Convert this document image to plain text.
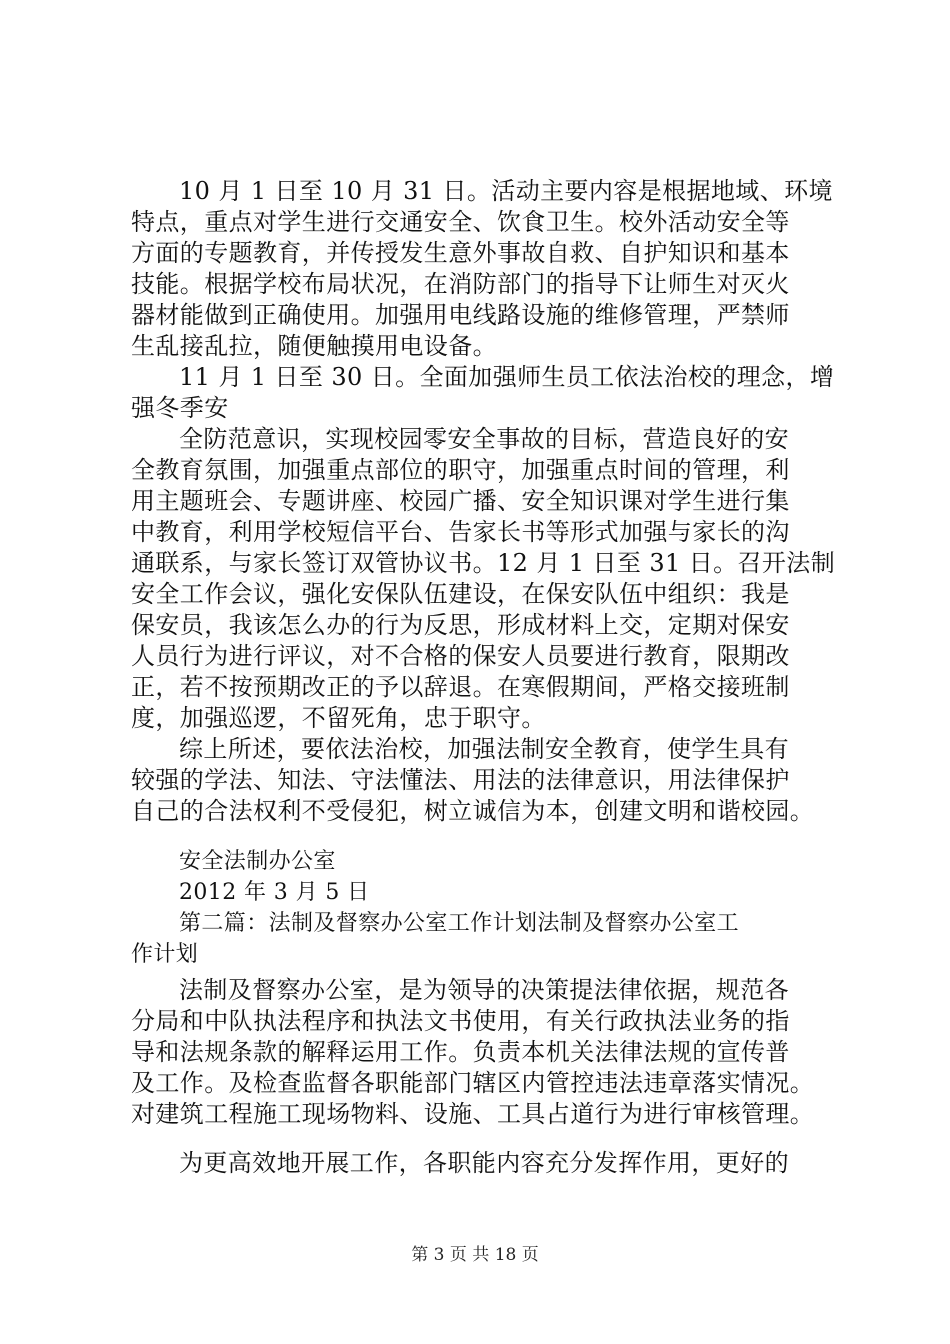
10 月 1 日至 10 月 31 日。活动主要内容是根据地域、环境
特点，重点对学生进行交通安全、饮食卫生。校外活动安全等
方面的专题教育，并传授发生意外事故自救、自护知识和基本
技能。根据学校布局状况，在消防部门的指导下让师生对灭火
器材能做到正确使用。加强用电线路设施的维修管理，严禁师
生乱接乱拉，随便触摸用电设备。
11 月 1 日至 30 日。全面加强师生员工依法治校的理念，增
强冬季安
全防范意识，实现校园零安全事故的目标，营造良好的安
全教育氛围，加强重点部位的职守，加强重点时间的管理，利
用主题班会、专题讲座、校园广播、安全知识课对学生进行集
中教育，利用学校短信平台、告家长书等形式加强与家长的沟
通联系，与家长签订双管协议书。12 月 1 日至 31 日。召开法制
安全工作会议，强化安保队伍建设，在保安队伍中组织：我是
保安员，我该怎么办的行为反思，形成材料上交，定期对保安
人员行为进行评议，对不合格的保安人员要进行教育，限期改
正，若不按预期改正的予以辞退。在寒假期间，严格交接班制
度，加强巡逻，不留死角，忠于职守。
综上所述，要依法治校，加强法制安全教育，使学生具有
较强的学法、知法、守法懂法、用法的法律意识，用法律保护
自己的合法权利不受侵犯，树立诚信为本，创建文明和谐校园。
安全法制办公室
2012 年 3 月 5 日
第二篇：法制及督察办公室工作计划法制及督察办公室工
作计划
法制及督察办公室，是为领导的决策提法律依据，规范各
分局和中队执法程序和执法文书使用，有关行政执法业务的指
导和法规条款的解释运用工作。负责本机关法律法规的宣传普
及工作。及检查监督各职能部门辖区内管控违法违章落实情况。
对建筑工程施工现场物料、设施、工具占道行为进行审核管理。
为更高效地开展工作，各职能内容充分发挥作用，更好的
第 3 页 共 18 页
